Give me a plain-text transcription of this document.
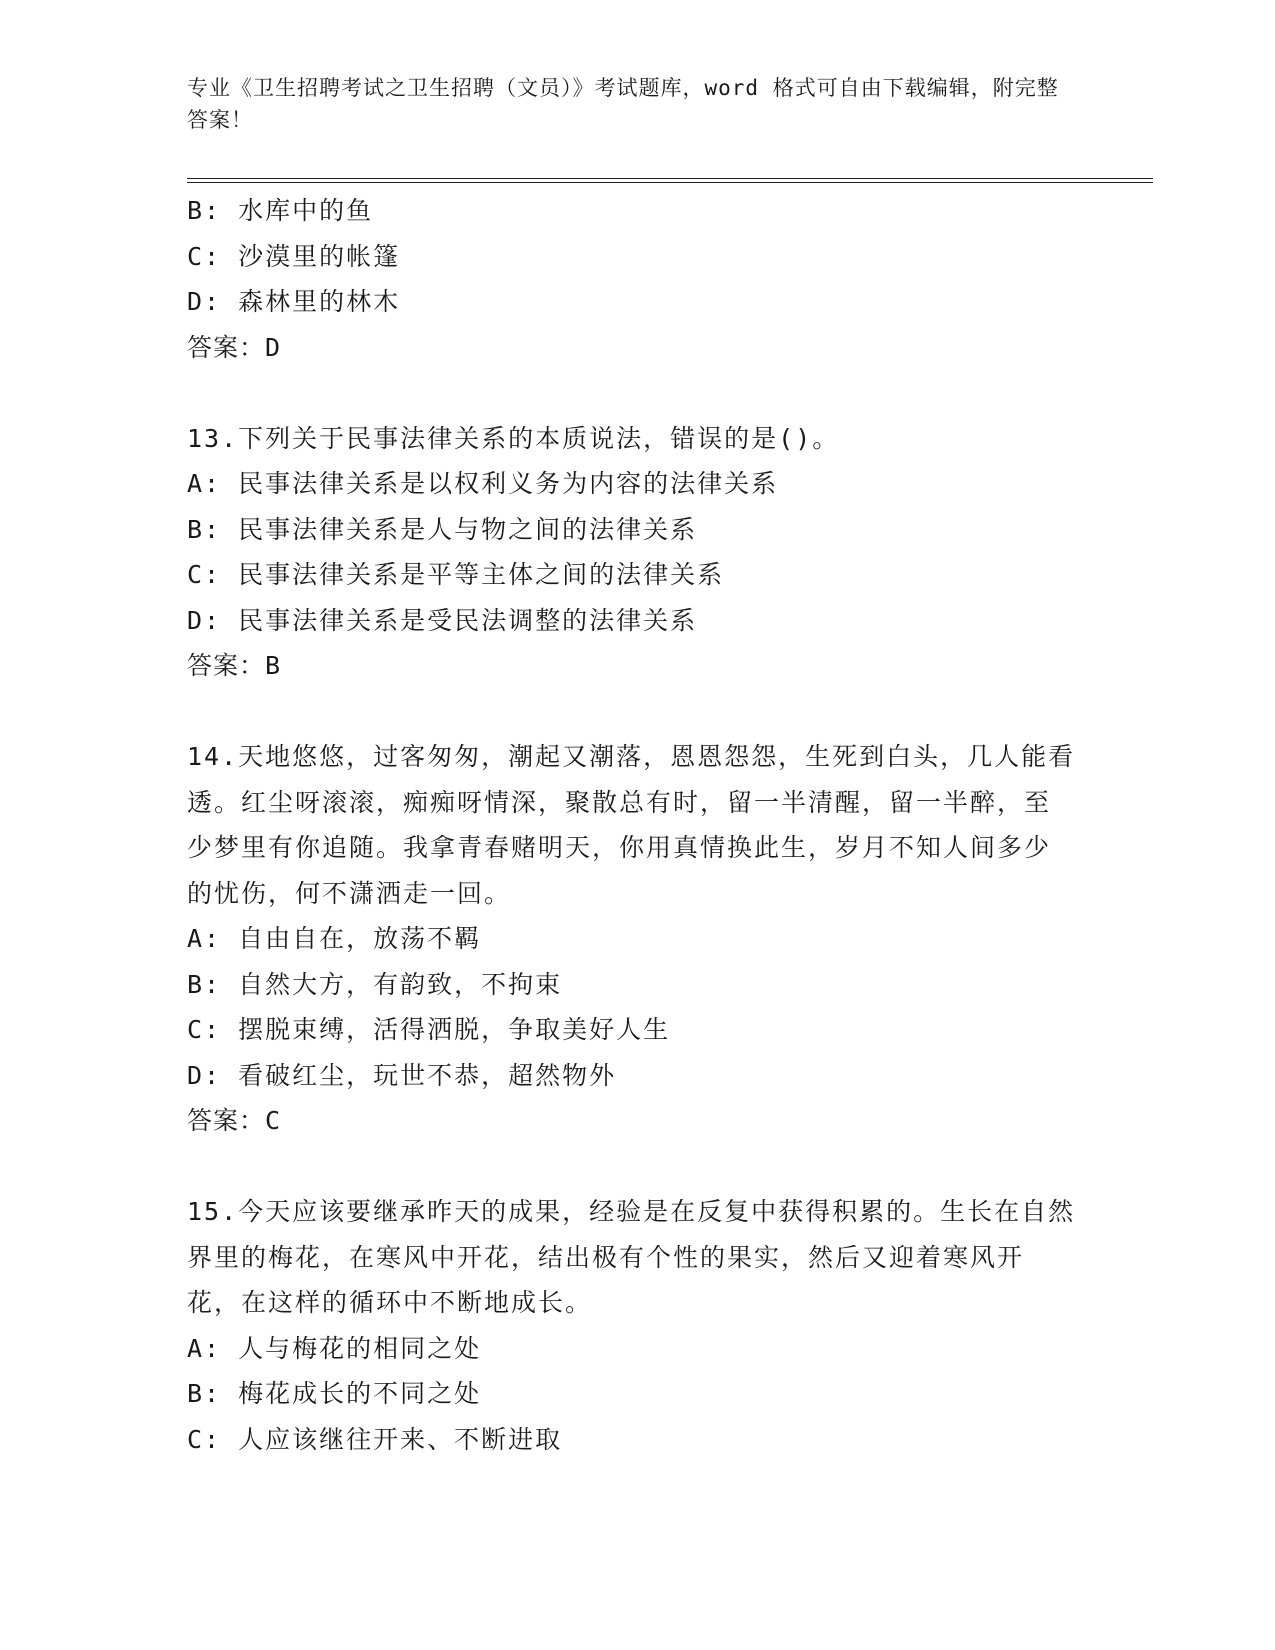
专业《卫生招聘考试之卫生招聘（文员）》考试题库，word 格式可自由下载编辑，附完整答案！
B: 水库中的鱼
C: 沙漠里的帐篷
D: 森林里的林木
答案：D
13.下列关于民事法律关系的本质说法，错误的是()。
A: 民事法律关系是以权利义务为内容的法律关系
B: 民事法律关系是人与物之间的法律关系
C: 民事法律关系是平等主体之间的法律关系
D: 民事法律关系是受民法调整的法律关系
答案：B
14.天地悠悠，过客匆匆，潮起又潮落，恩恩怨怨，生死到白头，几人能看透。红尘呀滚滚，痴痴呀情深，聚散总有时，留一半清醒，留一半醉，至少梦里有你追随。我拿青春赌明天，你用真情换此生，岁月不知人间多少的忧伤，何不潇洒走一回。
A: 自由自在，放荡不羁
B: 自然大方，有韵致，不拘束
C: 摆脱束缚，活得洒脱，争取美好人生
D: 看破红尘，玩世不恭，超然物外
答案：C
15.今天应该要继承昨天的成果，经验是在反复中获得积累的。生长在自然界里的梅花，在寒风中开花，结出极有个性的果实，然后又迎着寒风开花，在这样的循环中不断地成长。
A: 人与梅花的相同之处
B: 梅花成长的不同之处
C: 人应该继往开来、不断进取
